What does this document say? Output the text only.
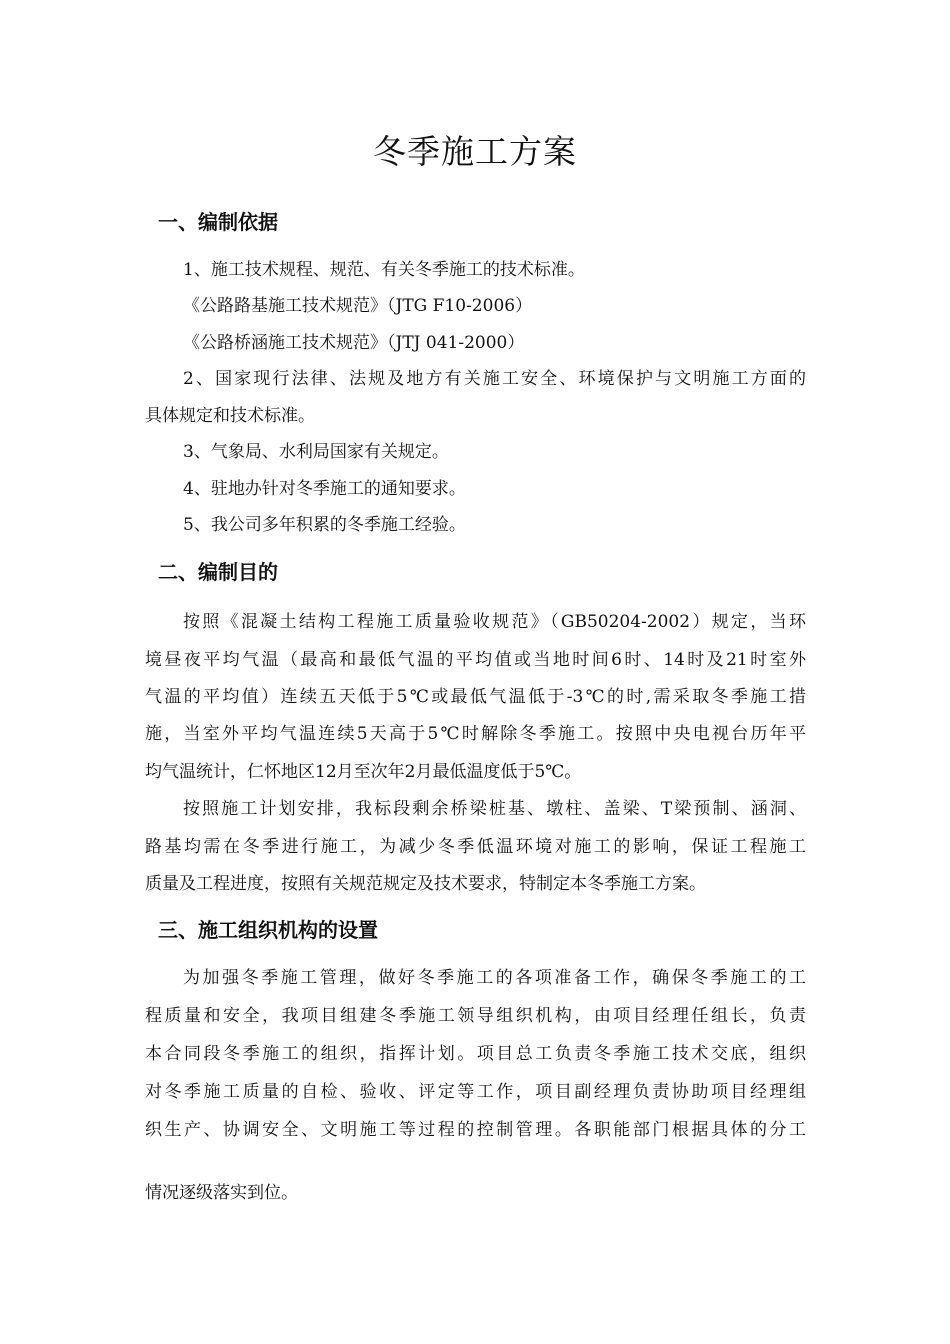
冬季施工方案
一、编制依据

1、施工技术规程、规范、有关冬季施工的技术标准。

《公路路基施工技术规范》（JTG F10-2006）

《公路桥涵施工技术规范》（JTJ 041-2000）

2、国家现行法律、法规及地方有关施工安全、环境保护与文明施工方面的

具体规定和技术标准。

3、气象局、水利局国家有关规定。

4、驻地办针对冬季施工的通知要求。

5、我公司多年积累的冬季施工经验。

二、编制目的

按照《混凝土结构工程施工质量验收规范》（GB50204-2002）规定，当环

境昼夜平均气温（最高和最低气温的平均值或当地时间6时、14时及21时室外

气温的平均值）连续五天低于5℃或最低气温低于-3℃的时,需采取冬季施工措

施，当室外平均气温连续5天高于5℃时解除冬季施工。按照中央电视台历年平

均气温统计，仁怀地区12月至次年2月最低温度低于5℃。

按照施工计划安排，我标段剩余桥梁桩基、墩柱、盖梁、T梁预制、涵洞、

路基均需在冬季进行施工，为减少冬季低温环境对施工的影响，保证工程施工

质量及工程进度，按照有关规范规定及技术要求，特制定本冬季施工方案。

三、施工组织机构的设置

为加强冬季施工管理，做好冬季施工的各项准备工作，确保冬季施工的工

程质量和安全，我项目组建冬季施工领导组织机构，由项目经理任组长，负责

本合同段冬季施工的组织，指挥计划。项目总工负责冬季施工技术交底，组织

对冬季施工质量的自检、验收、评定等工作，项目副经理负责协助项目经理组

织生产、协调安全、文明施工等过程的控制管理。各职能部门根据具体的分工

情况逐级落实到位。
